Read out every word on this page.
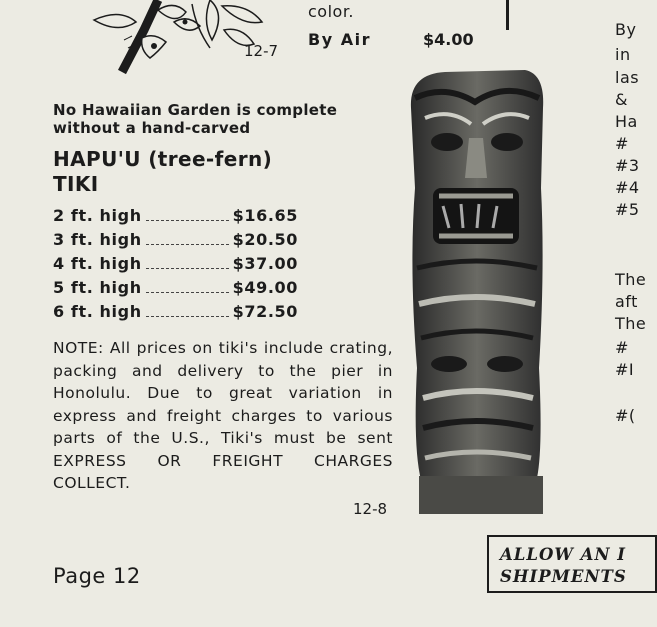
color.
By Air	$4.00
12-7
No Hawaiian Garden is complete without a hand-carved
HAPU'U (tree-fern)
TIKI
2 ft. high	$16.65
3 ft. high	$20.50
4 ft. high	$37.00
5 ft. high	$49.00
6 ft. high	$72.50
NOTE: All prices on tiki's include crating, packing and delivery to the pier in Honolulu. Due to great variation in express and freight charges to various parts of the U.S., Tiki's must be sent EXPRESS OR FREIGHT CHARGES COLLECT.
12-8
Page 12
ALLOW AN I
SHIPMENTS
By
in
las
&
Ha
#
#3
#4
#5
The
aft
The
#
#I
#(
